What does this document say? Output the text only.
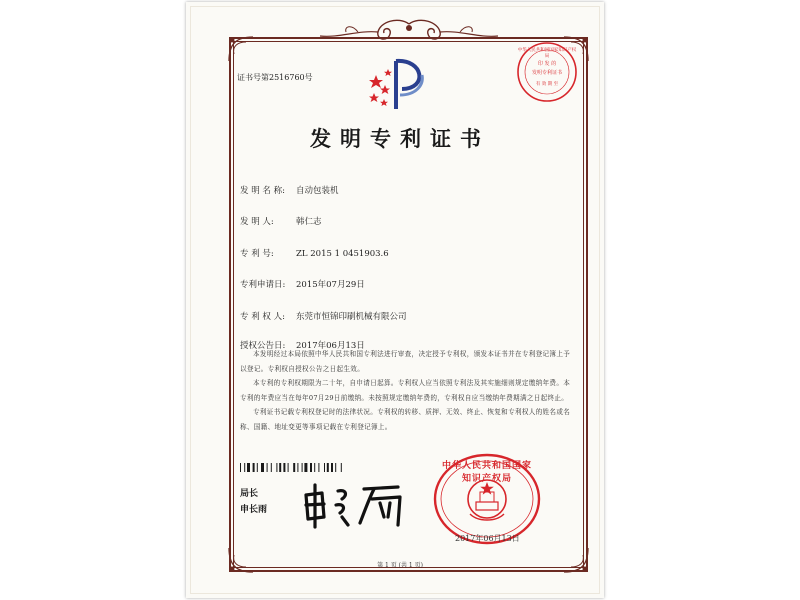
证书号第2516760号
中华人民共和国国家知识产权局
印 发 的
发明专利证书
有 效 期 至
发明专利证书
发 明 名 称: 自动包装机
发 明 人:	韩仁志
专 利 号:	ZL 2015 1 0451903.6
专利申请日: 2015年07月29日
专 利 权 人: 东莞市恒锦印刷机械有限公司
授权公告日: 2017年06月13日

本发明经过本局依照中华人民共和国专利法进行审查，决定授予专利权，颁发本证书并在专利登记簿上予以登记。专利权自授权公告之日起生效。

本专利的专利权期限为二十年，自申请日起算。专利权人应当依照专利法及其实施细则规定缴纳年费。本专利的年费应当在每年07月29日前缴纳。未按照规定缴纳年费的，专利权自应当缴纳年费期满之日起终止。

专利证书记载专利权登记时的法律状况。专利权的转移、质押、无效、终止、恢复和专利权人的姓名或名称、国籍、地址变更等事项记载在专利登记簿上。

局长
申长雨
中华人民共和国国家知识产权局
2017年06月13日
第 1 页 (共 1 页)
